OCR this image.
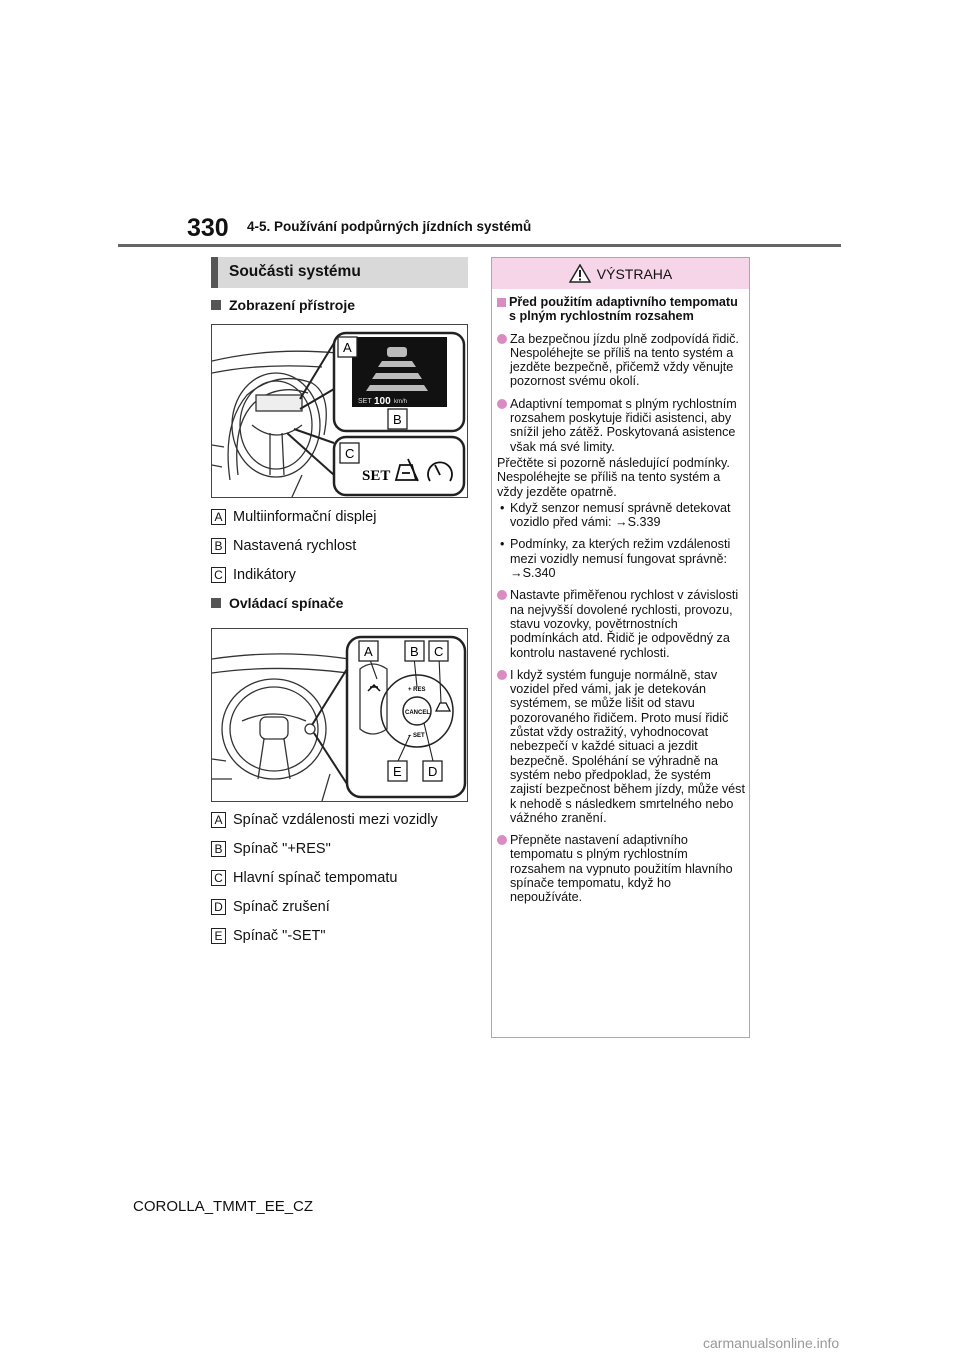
330 4-5. Používání podpůrných jízdních systémů
Součásti systému
Zobrazení přístroje
SET 100 km/h
A
B
C
SET
A Multiinformační displej
B Nastavená rychlost
C Indikátory
Ovládací spínače
CANCEL
+ RES
– SET
A	B C
E D
A Spínač vzdálenosti mezi vozidly
B Spínač "+RES"
C Hlavní spínač tempomatu
D Spínač zrušení
E Spínač "-SET"
VÝSTRAHA
Před použitím adaptivního tempomatu s plným rychlostním rozsahem
Za bezpečnou jízdu plně zodpovídá řidič. Nespoléhejte se příliš na tento systém a jezděte bezpečně, přičemž vždy věnujte pozornost svému okolí.
Adaptivní tempomat s plným rychlostním rozsahem poskytuje řidiči asistenci, aby snížil jeho zátěž. Poskytovaná asistence však má své limity.
Přečtěte si pozorně následující podmínky. Nespoléhejte se příliš na tento systém a vždy jezděte opatrně.
• Když senzor nemusí správně detekovat vozidlo před vámi: →S.339
• Podmínky, za kterých režim vzdálenosti mezi vozidly nemusí fungovat správně: →S.340
Nastavte přiměřenou rychlost v závislosti na nejvyšší dovolené rychlosti, provozu, stavu vozovky, povětrnostních podmínkách atd. Řidič je odpovědný za kontrolu nastavené rychlosti.
I když systém funguje normálně, stav vozidel před vámi, jak je detekován systémem, se může lišit od stavu pozorovaného řidičem. Proto musí řidič zůstat vždy ostražitý, vyhodnocovat nebezpečí v každé situaci a jezdit bezpečně. Spoléhání se výhradně na systém nebo předpoklad, že systém zajistí bezpečnost během jízdy, může vést k nehodě s následkem smrtelného nebo vážného zranění.
Přepněte nastavení adaptivního tempomatu s plným rychlostním rozsahem na vypnuto použitím hlavního spínače tempomatu, když ho nepoužíváte.
COROLLA_TMMT_EE_CZ
carmanualsonline.info
